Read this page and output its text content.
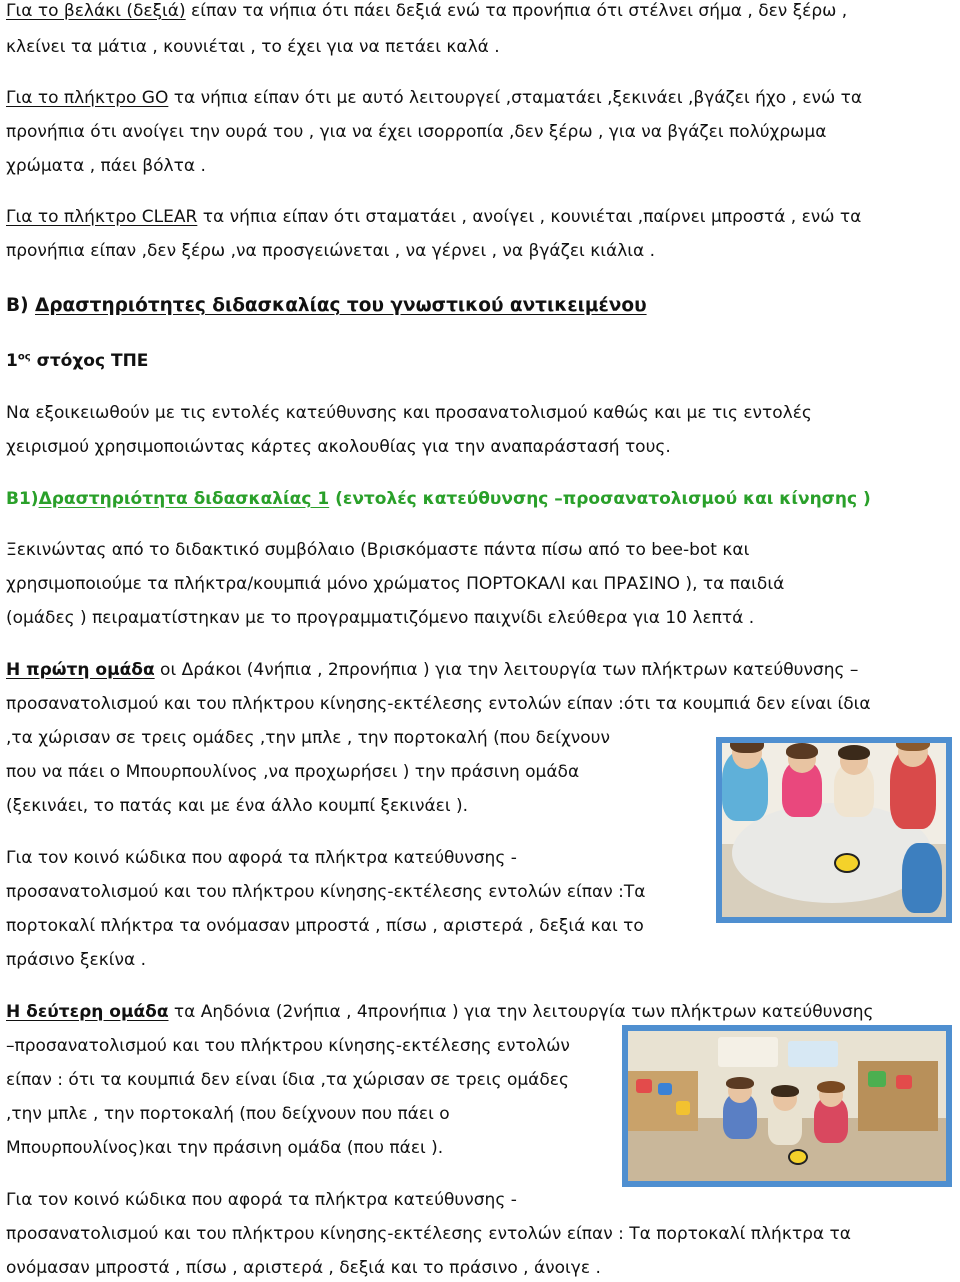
Για το βελάκι (δεξιά) είπαν τα νήπια ότι πάει δεξιά ενώ τα προνήπια ότι στέλνει σήμα , δεν ξέρω ,
κλείνει τα μάτια , κουνιέται , το έχει για να πετάει καλά .
Για το πλήκτρο GO τα νήπια είπαν ότι με αυτό λειτουργεί ,σταματάει ,ξεκινάει ,βγάζει ήχο , ενώ τα
προνήπια ότι ανοίγει την ουρά του , για να έχει ισορροπία ,δεν ξέρω , για να βγάζει πολύχρωμα
χρώματα , πάει βόλτα .
Για το πλήκτρο CLEAR τα νήπια είπαν ότι σταματάει , ανοίγει , κουνιέται ,παίρνει μπροστά , ενώ τα
προνήπια είπαν ,δεν ξέρω ,να προσγειώνεται , να γέρνει , να βγάζει κιάλια .
Β) Δραστηριότητες διδασκαλίας του γνωστικού αντικειμένου
$1^{o\varsigma}$ στόχος ΤΠΕ
Να εξοικειωθούν με τις εντολές κατεύθυνσης και προσανατολισμού καθώς και με τις εντολές
χειρισμού χρησιμοποιώντας κάρτες ακολουθίας για την αναπαράστασή τους.
Β1)Δραστηριότητα διδασκαλίας 1 (εντολές κατεύθυνσης –προσανατολισμού και κίνησης )
Ξεκινώντας από το διδακτικό συμβόλαιο (Βρισκόμαστε πάντα πίσω από το bee-bot και
χρησιμοποιούμε τα πλήκτρα/κουμπιά μόνο χρώματος ΠΟΡΤΟΚΑΛΙ και ΠΡΑΣΙΝΟ ), τα παιδιά
(ομάδες ) πειραματίστηκαν με το προγραμματιζόμενο παιχνίδι ελεύθερα για 10 λεπτά .
Η πρώτη ομάδα οι Δράκοι (4νήπια , 2προνήπια ) για την λειτουργία των πλήκτρων κατεύθυνσης –
προσανατολισμού και του πλήκτρου κίνησης-εκτέλεσης εντολών είπαν :ότι τα κουμπιά δεν είναι ίδια
,τα χώρισαν σε τρεις ομάδες ,την μπλε , την πορτοκαλή (που δείχνουν
που να πάει ο Μπουρπουλίνος ,να προχωρήσει ) την πράσινη ομάδα
(ξεκινάει, το πατάς και με ένα άλλο κουμπί ξεκινάει ).
Για τον κοινό κώδικα που αφορά τα πλήκτρα κατεύθυνσης -
προσανατολισμού και του πλήκτρου κίνησης-εκτέλεσης εντολών είπαν :Τα
πορτοκαλί πλήκτρα τα ονόμασαν μπροστά , πίσω , αριστερά , δεξιά και το
πράσινο ξεκίνα .
Η δεύτερη ομάδα τα Αηδόνια (2νήπια , 4προνήπια ) για την λειτουργία των πλήκτρων κατεύθυνσης
–προσανατολισμού και του πλήκτρου κίνησης-εκτέλεσης εντολών
είπαν : ότι τα κουμπιά δεν είναι ίδια ,τα χώρισαν σε τρεις ομάδες
,την μπλε , την πορτοκαλή (που δείχνουν που πάει ο
Μπουρπουλίνος)και την πράσινη ομάδα (που πάει ).
Για τον κοινό κώδικα που αφορά τα πλήκτρα κατεύθυνσης -
προσανατολισμού και του πλήκτρου κίνησης-εκτέλεσης εντολών είπαν : Τα πορτοκαλί πλήκτρα τα
ονόμασαν μπροστά , πίσω , αριστερά , δεξιά και το πράσινο , άνοιγε .
